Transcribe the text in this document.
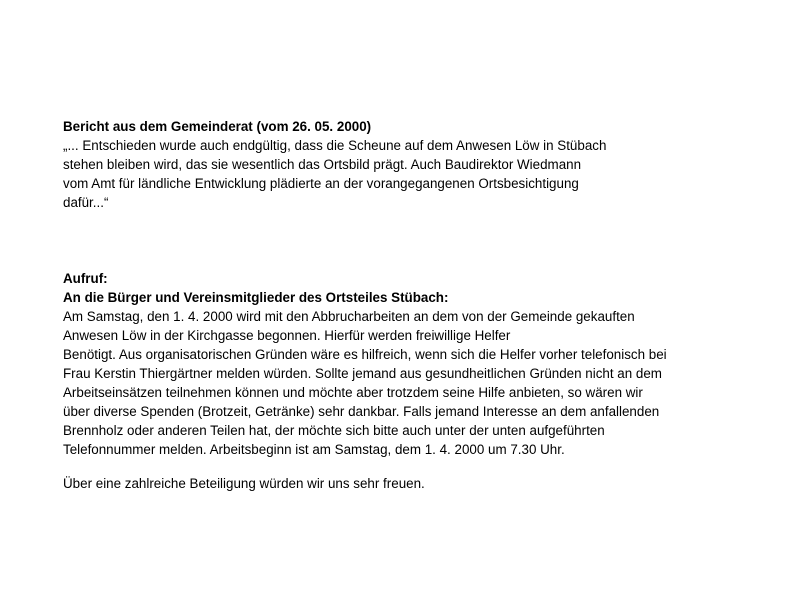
Bericht aus dem Gemeinderat (vom 26. 05. 2000)
„... Entschieden wurde auch endgültig, dass die Scheune auf dem Anwesen Löw in Stübach
stehen bleiben wird, das sie wesentlich das Ortsbild prägt. Auch Baudirektor Wiedmann
vom Amt für ländliche Entwicklung plädierte an der vorangegangenen Ortsbesichtigung
dafür...“
Aufruf:
An die Bürger und Vereinsmitglieder des Ortsteiles Stübach:
Am Samstag, den 1. 4. 2000 wird mit den Abbrucharbeiten an dem von der Gemeinde gekauften
Anwesen Löw in der Kirchgasse begonnen. Hierfür werden freiwillige Helfer
Benötigt. Aus organisatorischen Gründen wäre es hilfreich, wenn sich die Helfer vorher telefonisch bei
Frau Kerstin Thiergärtner melden würden. Sollte jemand aus gesundheitlichen Gründen nicht an dem
Arbeitseinsätzen teilnehmen können und möchte aber trotzdem seine Hilfe anbieten, so wären wir
über diverse Spenden (Brotzeit, Getränke) sehr dankbar. Falls jemand Interesse an dem anfallenden
Brennholz oder anderen Teilen hat, der möchte sich bitte auch unter der unten aufgeführten
Telefonnummer melden. Arbeitsbeginn ist am Samstag, dem 1. 4. 2000 um 7.30 Uhr.
Über eine zahlreiche Beteiligung würden wir uns sehr freuen.
